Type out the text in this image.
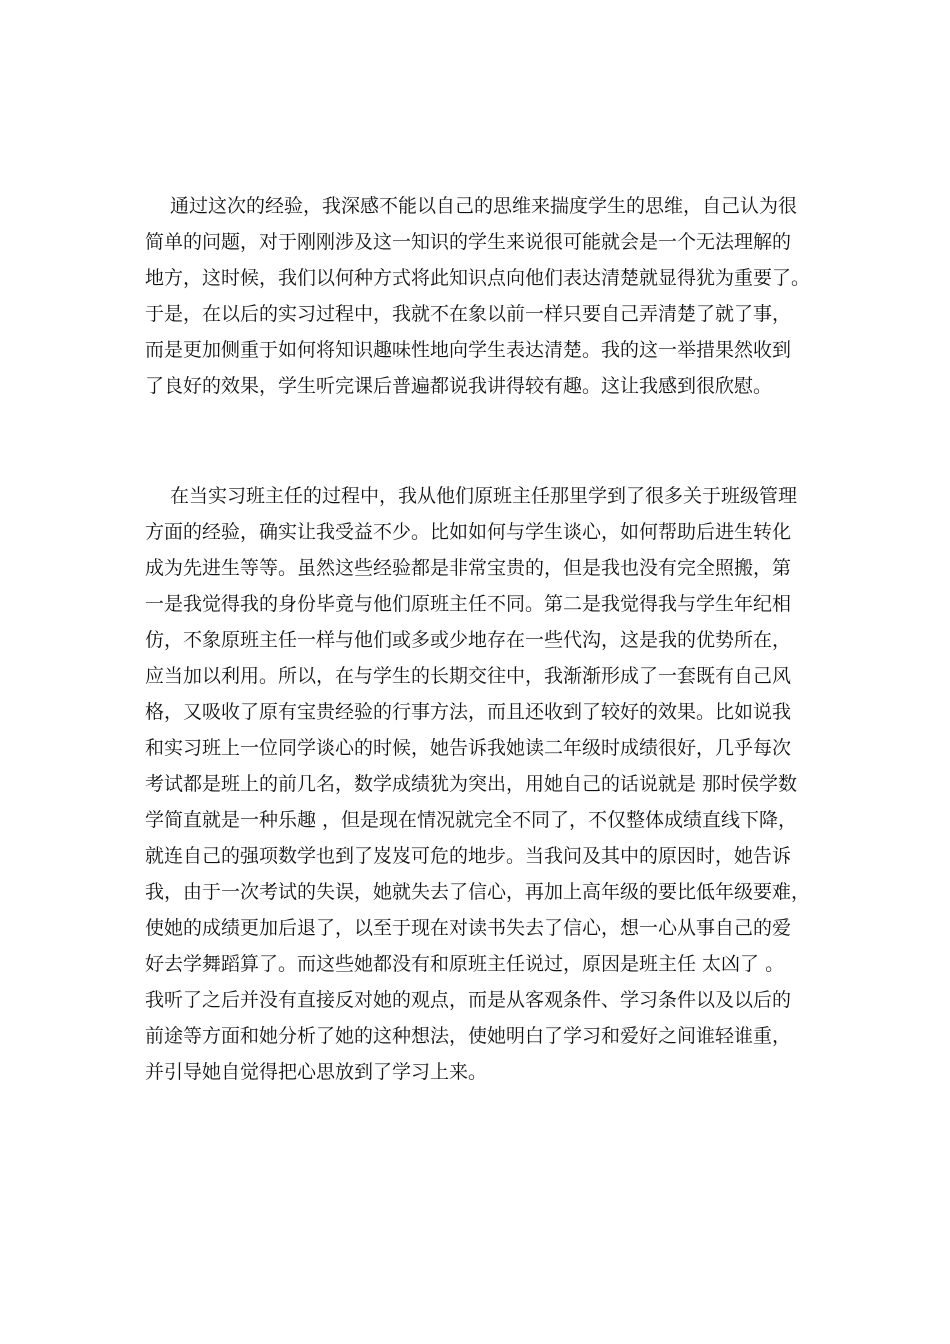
　 通过这次的经验，我深感不能以自己的思维来揣度学生的思维，自己认为很
简单的问题，对于刚刚涉及这一知识的学生来说很可能就会是一个无法理解的
地方，这时候，我们以何种方式将此知识点向他们表达清楚就显得犹为重要了。
于是，在以后的实习过程中，我就不在象以前一样只要自己弄清楚了就了事，
而是更加侧重于如何将知识趣味性地向学生表达清楚。我的这一举措果然收到
了良好的效果，学生听完课后普遍都说我讲得较有趣。这让我感到很欣慰。

　 在当实习班主任的过程中，我从他们原班主任那里学到了很多关于班级管理
方面的经验，确实让我受益不少。比如如何与学生谈心，如何帮助后进生转化
成为先进生等等。虽然这些经验都是非常宝贵的，但是我也没有完全照搬，第
一是我觉得我的身份毕竟与他们原班主任不同。第二是我觉得我与学生年纪相
仿，不象原班主任一样与他们或多或少地存在一些代沟，这是我的优势所在，
应当加以利用。所以，在与学生的长期交往中，我渐渐形成了一套既有自己风
格，又吸收了原有宝贵经验的行事方法，而且还收到了较好的效果。比如说我
和实习班上一位同学谈心的时候，她告诉我她读二年级时成绩很好，几乎每次
考试都是班上的前几名，数学成绩犹为突出，用她自己的话说就是 那时侯学数
学简直就是一种乐趣 ，但是现在情况就完全不同了，不仅整体成绩直线下降，
就连自己的强项数学也到了岌岌可危的地步。当我问及其中的原因时，她告诉
我，由于一次考试的失误，她就失去了信心，再加上高年级的要比低年级要难，
使她的成绩更加后退了，以至于现在对读书失去了信心，想一心从事自己的爱
好去学舞蹈算了。而这些她都没有和原班主任说过，原因是班主任 太凶了 。
我听了之后并没有直接反对她的观点，而是从客观条件、学习条件以及以后的
前途等方面和她分析了她的这种想法，使她明白了学习和爱好之间谁轻谁重，
并引导她自觉得把心思放到了学习上来。
